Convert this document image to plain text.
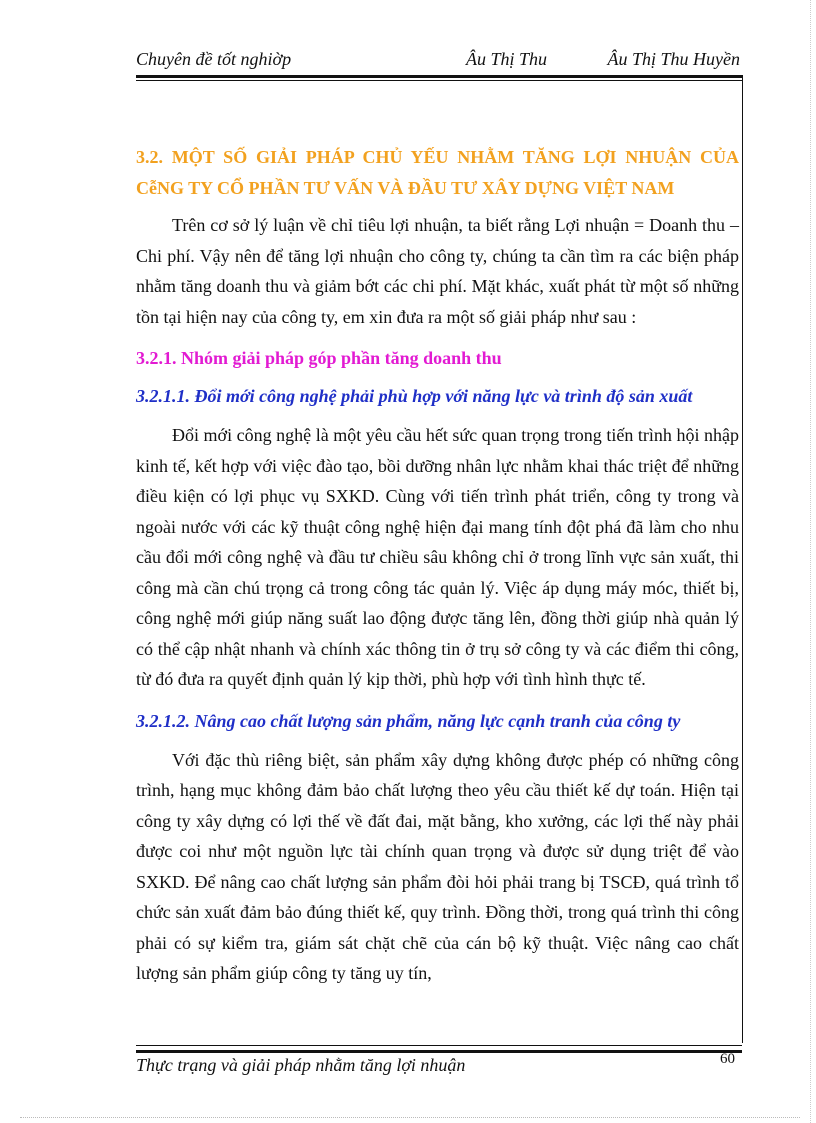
Chuyên đề tốt nghiờp	Âu Thị Thu	Âu Thị Thu Huyền

3.2. MỘT SỐ GIẢI PHÁP CHỦ YẾU NHẰM TĂNG LỢI NHUẬN CỦA

CễNG TY CỔ PHẦN TƯ VẤN VÀ ĐẦU TƯ XÂY DỰNG VIỆT NAM

Trên cơ sở lý luận về chỉ tiêu lợi nhuận, ta biết rằng Lợi nhuận = Doanh thu – Chi phí. Vậy nên để tăng lợi nhuận cho công ty, chúng ta cần tìm ra các biện pháp nhằm tăng doanh thu và giảm bớt các chi phí. Mặt khác, xuất phát từ một số những tồn tại hiện nay của công ty, em xin đưa ra một số giải pháp như sau :

3.2.1. Nhóm giải pháp góp phần tăng doanh thu

3.2.1.1. Đổi mới công nghệ phải phù hợp với năng lực và trình độ sản xuất

Đổi mới công nghệ là một yêu cầu hết sức quan trọng trong tiến trình hội nhập kinh tế, kết hợp với việc đào tạo, bồi dưỡng nhân lực nhằm khai thác triệt để những điều kiện có lợi phục vụ SXKD. Cùng với tiến trình phát triển, công ty trong và ngoài nước với các kỹ thuật công nghệ hiện đại mang tính đột phá đã làm cho nhu cầu đổi mới công nghệ và đầu tư chiều sâu không chỉ ở trong lĩnh vực sản xuất, thi công mà cần chú trọng cả trong công tác quản lý. Việc áp dụng máy móc, thiết bị, công nghệ mới giúp năng suất lao động được tăng lên, đồng thời giúp nhà quản lý có thể cập nhật nhanh và chính xác thông tin ở trụ sở công ty và các điểm thi công, từ đó đưa ra quyết định quản lý kịp thời, phù hợp với tình hình thực tế.

3.2.1.2. Nâng cao chất lượng sản phẩm, năng lực cạnh tranh của công ty

Với đặc thù riêng biệt, sản phẩm xây dựng không được phép có những công trình, hạng mục không đảm bảo chất lượng theo yêu cầu thiết kế dự toán. Hiện tại công ty xây dựng có lợi thế về đất đai, mặt bằng, kho xưởng, các lợi thế này phải được coi như một nguồn lực tài chính quan trọng và được sử dụng triệt để vào SXKD. Để nâng cao chất lượng sản phẩm đòi hỏi phải trang bị TSCĐ, quá trình tổ chức sản xuất đảm bảo đúng thiết kế, quy trình. Đồng thời, trong quá trình thi công phải có sự kiểm tra, giám sát chặt chẽ của cán bộ kỹ thuật. Việc nâng cao chất lượng sản phẩm giúp công ty tăng uy tín,

Thực trạng và giải pháp nhằm tăng lợi nhuận	60
